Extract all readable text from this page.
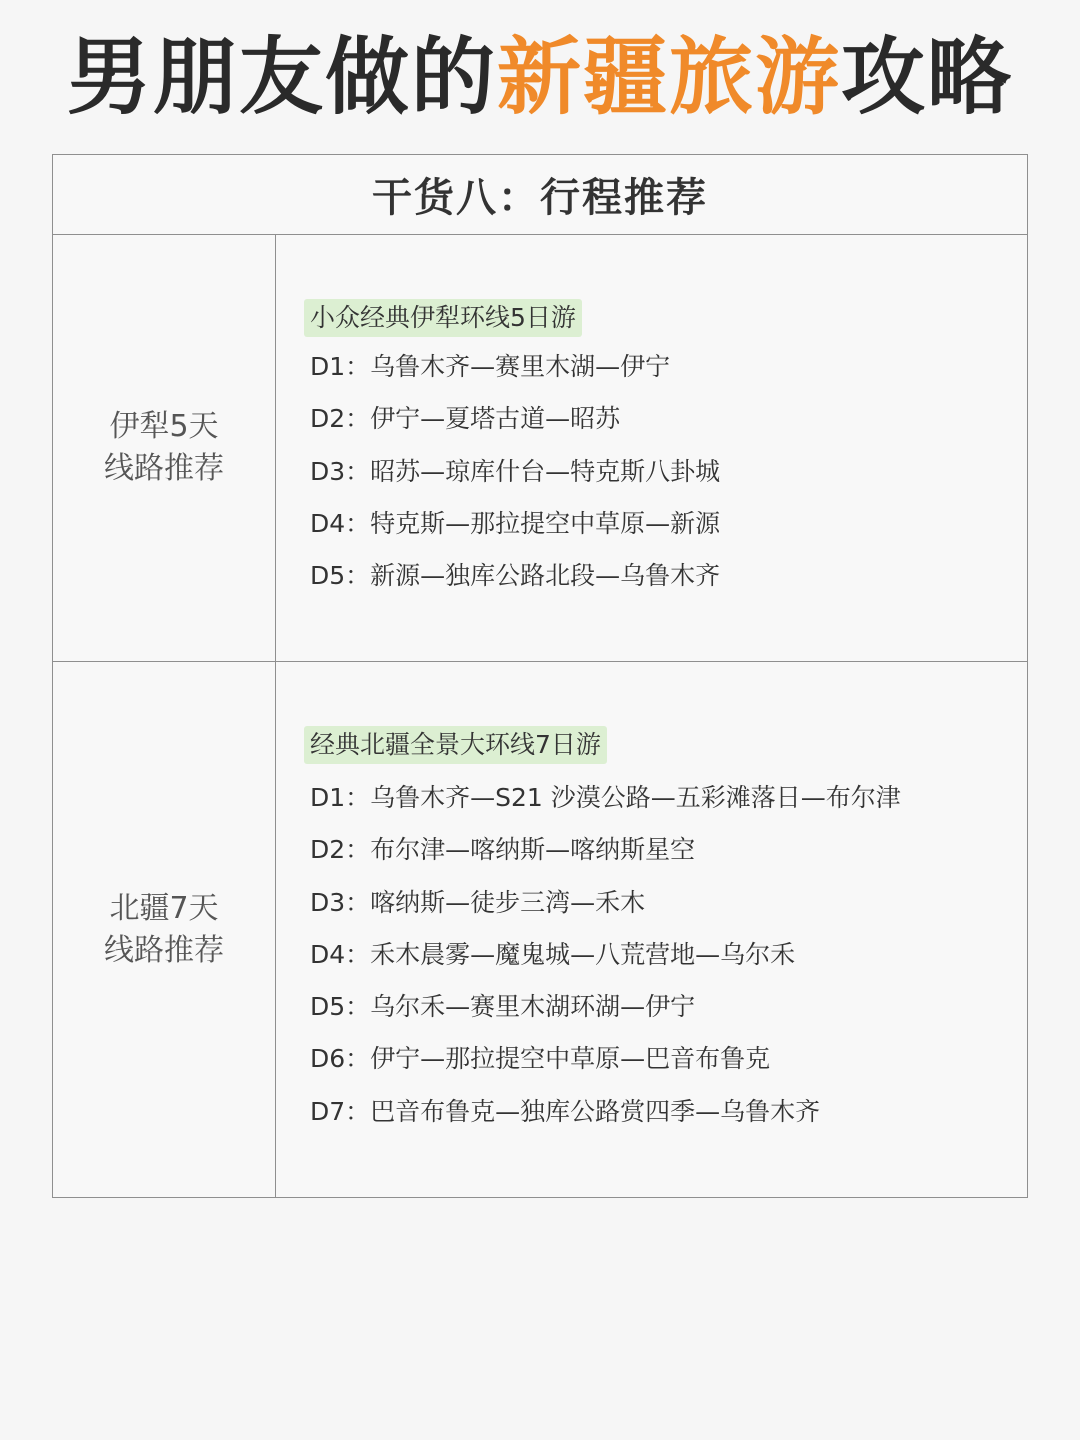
男朋友做的新疆旅游攻略
干货八：行程推荐
伊犁5天
线路推荐
小众经典伊犁环线5日游
D1：乌鲁木齐—赛里木湖—伊宁
D2：伊宁—夏塔古道—昭苏
D3：昭苏—琼库什台—特克斯八卦城
D4：特克斯—那拉提空中草原—新源
D5：新源—独库公路北段—乌鲁木齐
北疆7天
线路推荐
经典北疆全景大环线7日游
D1：乌鲁木齐—S21 沙漠公路—五彩滩落日—布尔津
D2：布尔津—喀纳斯—喀纳斯星空
D3：喀纳斯—徒步三湾—禾木
D4：禾木晨雾—魔鬼城—八荒营地—乌尔禾
D5：乌尔禾—赛里木湖环湖—伊宁
D6：伊宁—那拉提空中草原—巴音布鲁克
D7：巴音布鲁克—独库公路赏四季—乌鲁木齐
